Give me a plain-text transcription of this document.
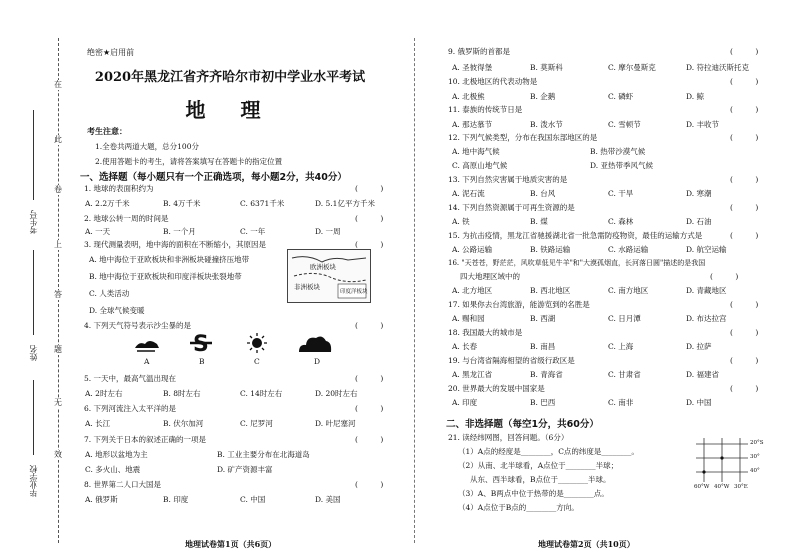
在
此
卷
上
答
题
无
效
考生号
姓名
毕业学校
绝密★启用前
2020年黑龙江省齐齐哈尔市初中学业水平考试
地 理
考生注意：
1.全卷共两道大题，总分100分
2.使用答题卡的考生，请将答案填写在答题卡的指定位置
一、选择题（每小题只有一个正确选项，每小题2分，共40分）
1. 地球的表面积约为	(　　　)
A. 2.2万千米	B. 4万千米	C. 6371千米	D. 5.1亿平方千米
2. 地球公转一周的时间是	(　　　)
A. 一天	B. 一个月	C. 一年	D. 一周
3. 现代测量表明，地中海的面积在不断缩小，其原因是	(　　　)
A. 地中海位于亚欧板块和非洲板块碰撞挤压地带
B. 地中海位于亚欧板块和印度洋板块张裂地带
C. 人类活动
D. 全球气候变暖
欧洲板块
非洲板块
印度洋板块
4. 下列天气符号表示沙尘暴的是	(　　　)
S
A	B	C	D
5. 一天中，最高气温出现在	(　　　)
A. 2时左右	B. 8时左右	C. 14时左右	D. 20时左右
6. 下列河流注入太平洋的是	(　　　)
A. 长江	B. 伏尔加河	C. 尼罗河	D. 叶尼塞河
7. 下列关于日本的叙述正确的一项是	(　　　)
A. 地形以盆地为主	B. 工业主要分布在北海道岛
C. 多火山、地震	D. 矿产资源丰富
8. 世界第二人口大国是	(　　　)
A. 俄罗斯	B. 印度	C. 中国	D. 美国
地理试卷第1页（共6页）
9. 俄罗斯的首都是	(　　　)
A. 圣彼得堡	B. 莫斯科	C. 摩尔曼斯克	D. 符拉迪沃斯托克
10. 北极地区的代表动物是	(　　　)
A. 北极熊	B. 企鹅	C. 磷虾	D. 鲸
11. 泰族的传统节日是	(　　　)
A. 那达慕节	B. 泼水节	C. 雪顿节	D. 丰收节
12. 下列气候类型，分布在我国东部地区的是	(　　　)
A. 地中海气候	B. 热带沙漠气候
C. 高原山地气候	D. 亚热带季风气候
13. 下列自然灾害属于地质灾害的是	(　　　)
A. 泥石流	B. 台风	C. 干旱	D. 寒潮
14. 下列自然资源属于可再生资源的是	(　　　)
A. 铁	B. 煤	C. 森林	D. 石油
15. 为抗击疫情，黑龙江省驰援湖北省一批急需防疫物资，最佳的运输方式是	(　　　)
A. 公路运输	B. 铁路运输	C. 水路运输	D. 航空运输
16. "天苍苍，野茫茫，风吹草低见牛羊"和"大漠孤烟直，长河落日圆"描述的是我国
四大地理区域中的	(　　　)
A. 北方地区	B. 西北地区	C. 南方地区	D. 青藏地区
17. 如果你去台湾旅游，能游览到的名胜是	(　　　)
A. 赐和园	B. 西湖	C. 日月潭	D. 布达拉宫
18. 我国最大的城市是	(　　　)
A. 长春	B. 南昌	C. 上海	D. 拉萨
19. 与台湾省隔海相望的省级行政区是	(　　　)
A. 黑龙江省	B. 青海省	C. 甘肃省	D. 福建省
20. 世界最大的发展中国家是	(　　　)
A. 印度	B. 巴西	C. 南非	D. 中国
二、非选择题（每空1分，共60分）
21. 读经纬网图，回答问题。（6分）
（1）A点的经度是________，C点的纬度是________。
（2）从南、北半球看，A点位于________半球；
从东、西半球看，B点位于________半球。
（3）A、B两点中位于热带的是________点。
（4）A点位于B点的________方向。
地理试卷第2页（共10页）
20°S
30°
40°
60°W 40°W 30°E
